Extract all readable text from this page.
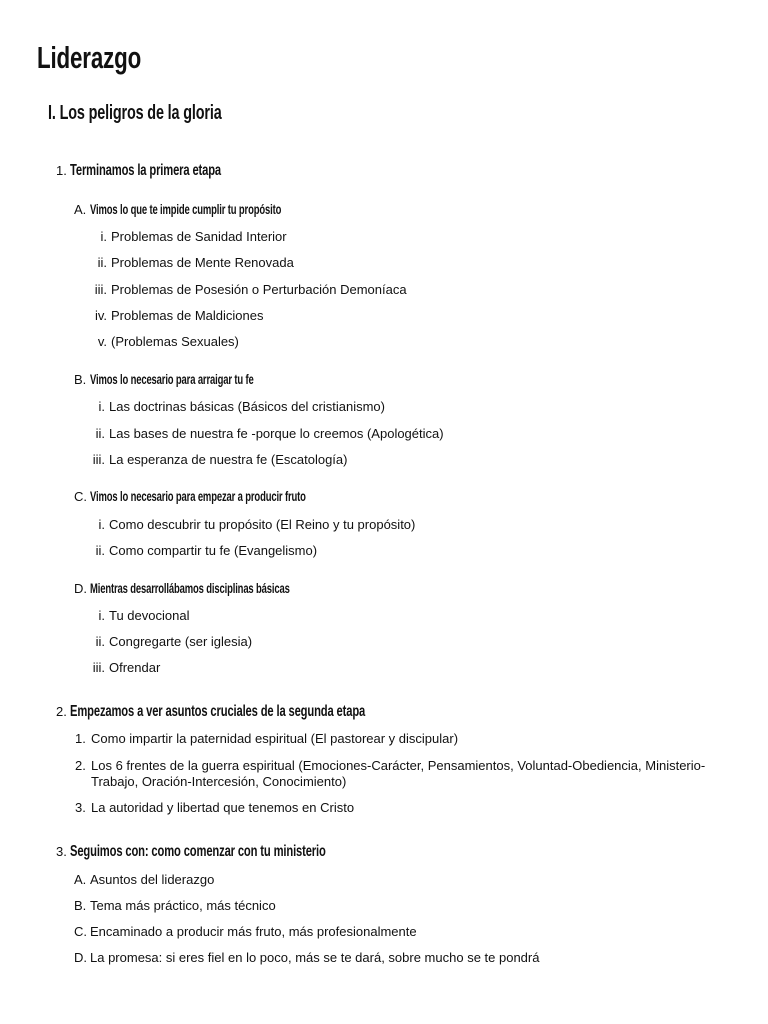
Liderazgo
I. Los peligros de la gloria
1. Terminamos la primera etapa
A. Vimos lo que te impide cumplir tu propósito
i. Problemas de Sanidad Interior
ii. Problemas de Mente Renovada
iii. Problemas de Posesión o Perturbación Demoníaca
iv. Problemas de Maldiciones
v. (Problemas Sexuales)
B. Vimos lo necesario para arraigar tu fe
i. Las doctrinas básicas (Básicos del cristianismo)
ii. Las bases de nuestra fe -porque lo creemos (Apologética)
iii. La esperanza de nuestra fe (Escatología)
C. Vimos lo necesario para empezar a producir fruto
i. Como descubrir tu propósito (El Reino y tu propósito)
ii. Como compartir tu fe (Evangelismo)
D. Mientras desarrollábamos disciplinas básicas
i. Tu devocional
ii. Congregarte (ser iglesia)
iii. Ofrendar
2. Empezamos a ver asuntos cruciales de la segunda etapa
1. Como impartir la paternidad espiritual (El pastorear y discipular)
2. Los 6 frentes de la guerra espiritual (Emociones-Carácter, Pensamientos, Voluntad-Obediencia, Ministerio-Trabajo, Oración-Intercesión, Conocimiento)
3. La autoridad y libertad que tenemos en Cristo
3. Seguimos con: como comenzar con tu ministerio
A. Asuntos del liderazgo
B. Tema más práctico, más técnico
C. Encaminado a producir más fruto, más profesionalmente
D. La promesa: si eres fiel en lo poco, más se te dará, sobre mucho se te pondrá
